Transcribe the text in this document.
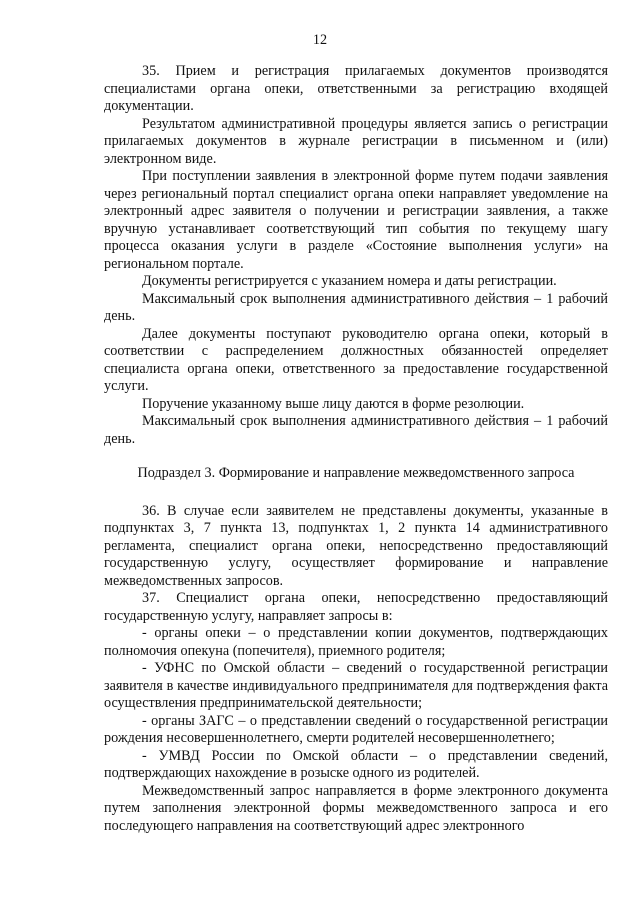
12

35. Прием и регистрация прилагаемых документов производятся специалистами органа опеки, ответственными за регистрацию входящей документации.

Результатом административной процедуры является запись о регистрации прилагаемых документов в журнале регистрации в письменном и (или) электронном виде.

При поступлении заявления в электронной форме путем подачи заявления через региональный портал специалист органа опеки направляет уведомление на электронный адрес заявителя о получении и регистрации заявления, а также вручную устанавливает соответствующий тип события по текущему шагу процесса оказания услуги в разделе «Состояние выполнения услуги» на региональном портале.

Документы регистрируется с указанием номера и даты регистрации.

Максимальный срок выполнения административного действия – 1 рабочий день.

Далее документы поступают руководителю органа опеки, который в соответствии с распределением должностных обязанностей определяет специалиста органа опеки, ответственного за предоставление государственной услуги.

Поручение указанному выше лицу даются в форме резолюции.

Максимальный срок выполнения административного действия – 1 рабочий день.

Подраздел 3. Формирование и направление межведомственного запроса

36. В случае если заявителем не представлены документы, указанные в подпунктах 3, 7 пункта 13, подпунктах 1, 2 пункта 14 административного регламента, специалист органа опеки, непосредственно предоставляющий государственную услугу, осуществляет формирование и направление межведомственных запросов.

37. Специалист органа опеки, непосредственно предоставляющий государственную услугу, направляет запросы в:

- органы опеки – о представлении копии документов, подтверждающих полномочия опекуна (попечителя), приемного родителя;

- УФНС по Омской области – сведений о государственной регистрации заявителя в качестве индивидуального предпринимателя для подтверждения факта осуществления предпринимательской деятельности;

- органы ЗАГС – о представлении сведений о государственной регистрации рождения несовершеннолетнего, смерти родителей несовершеннолетнего;

- УМВД России по Омской области – о представлении сведений, подтверждающих нахождение в розыске одного из родителей.

Межведомственный запрос направляется в форме электронного документа путем заполнения электронной формы межведомственного запроса и его последующего направления на соответствующий адрес электронного
